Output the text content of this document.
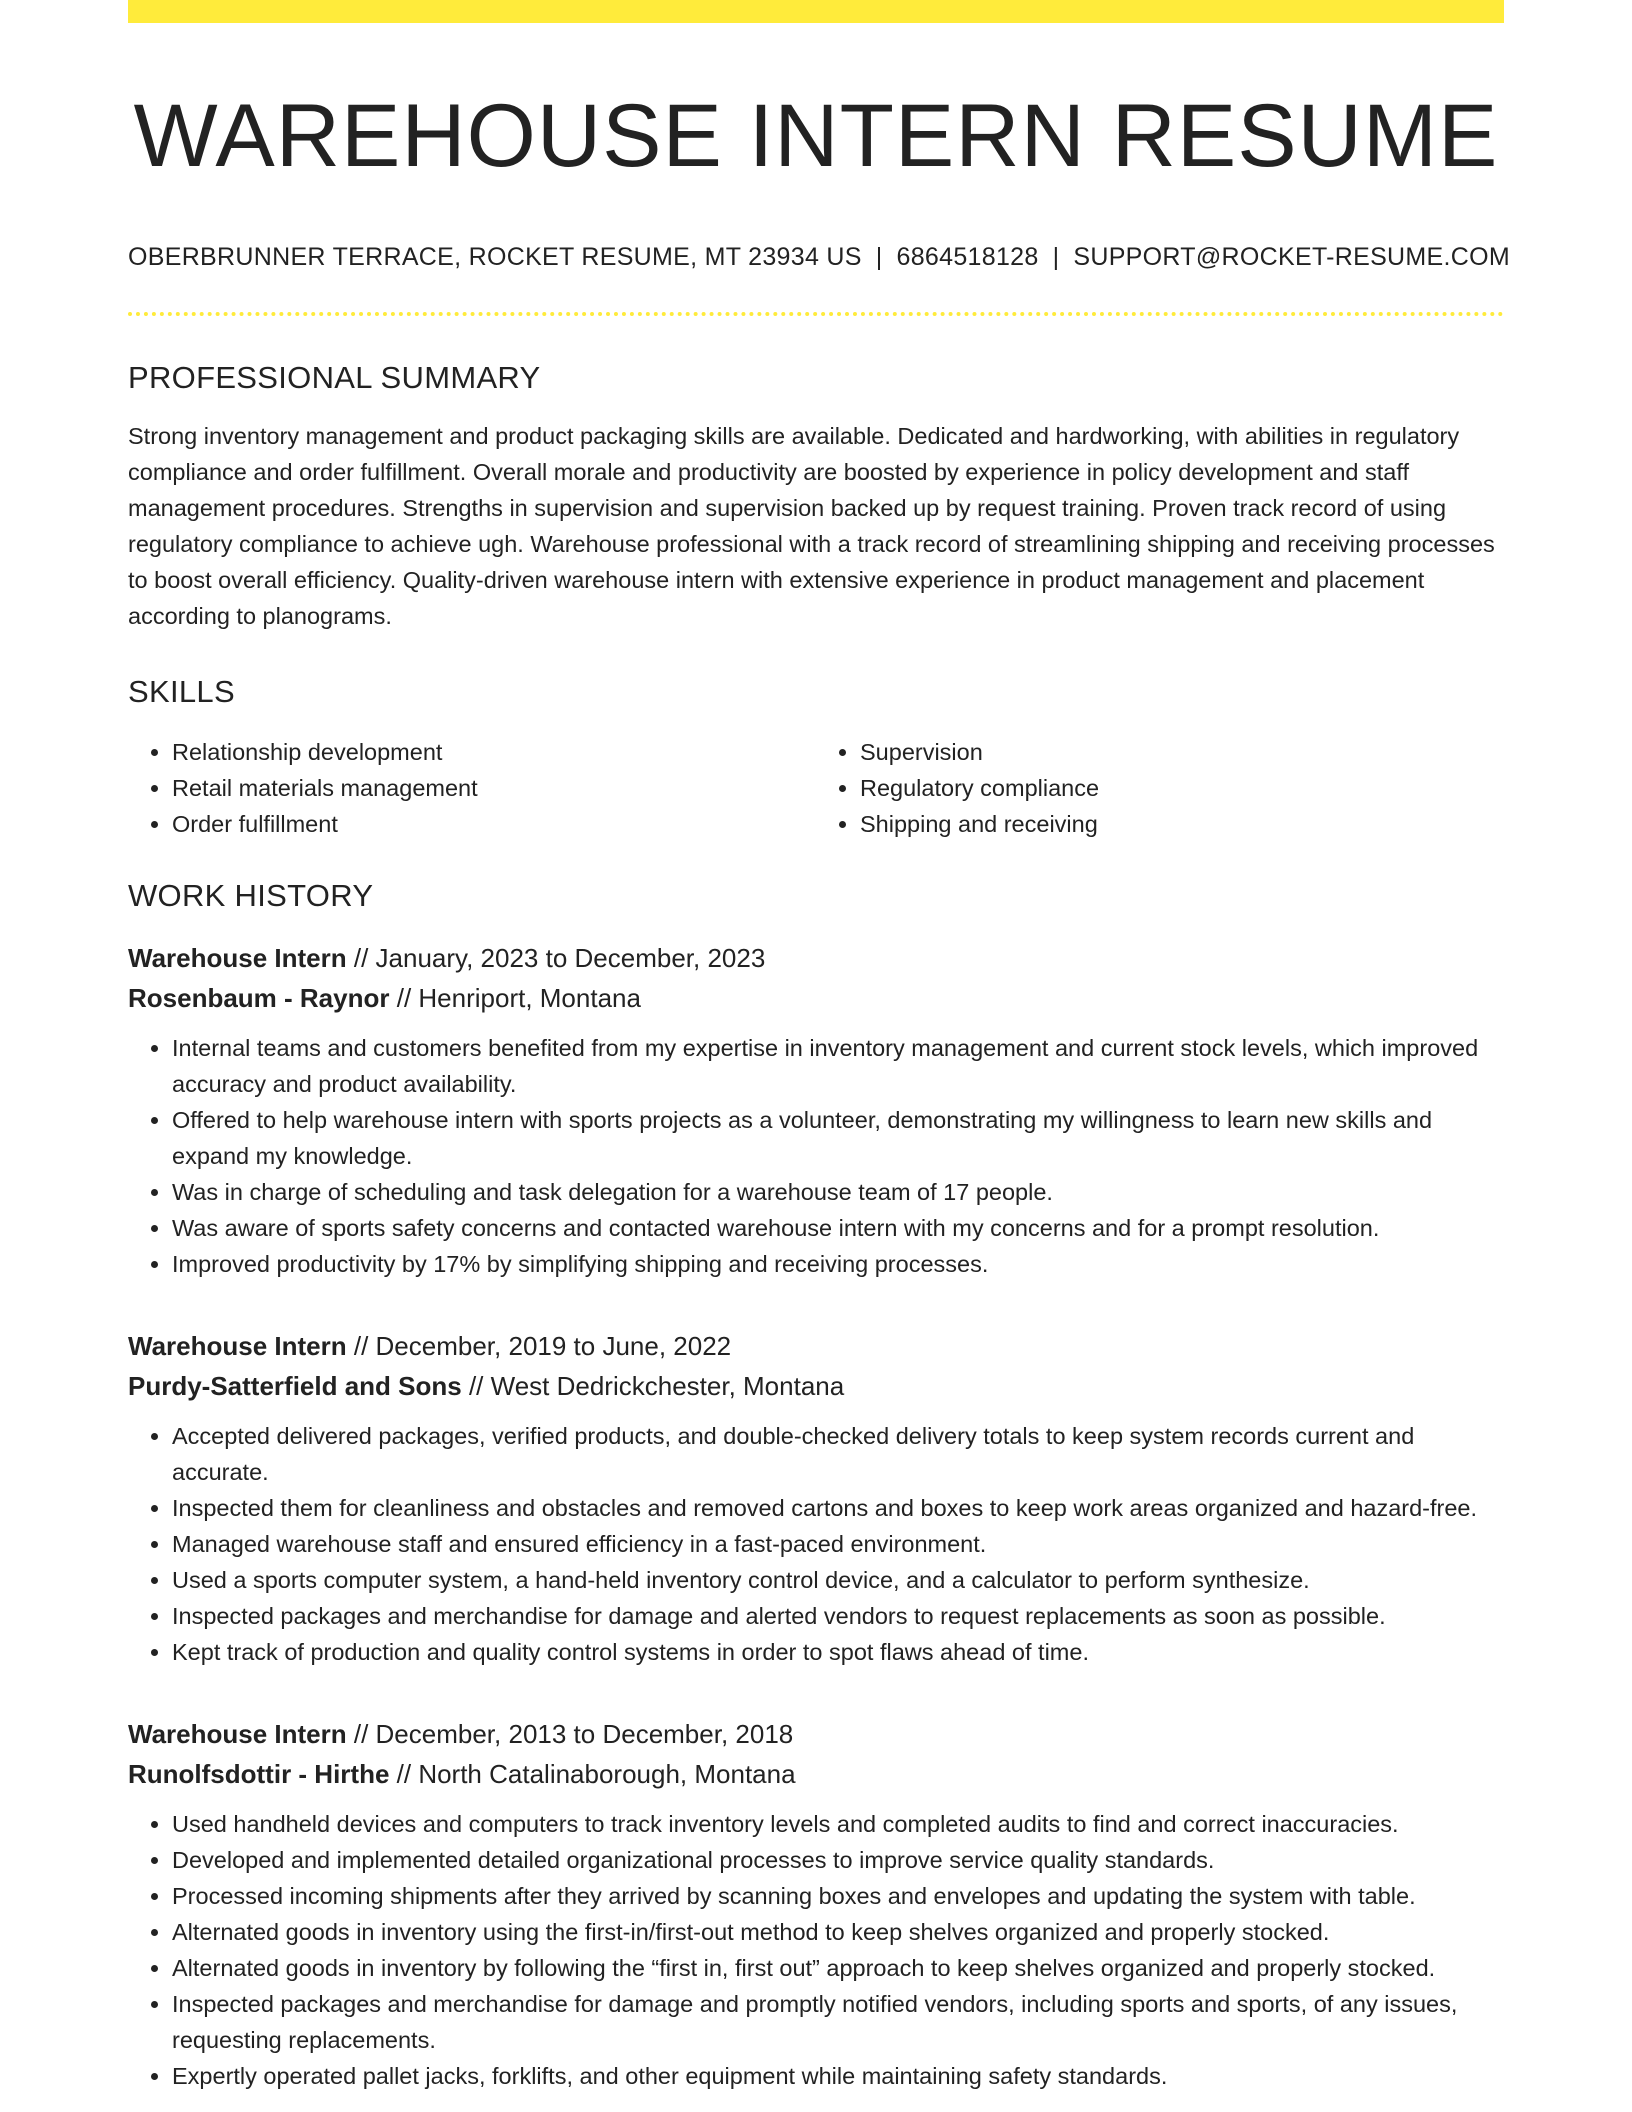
WAREHOUSE INTERN RESUME
OBERBRUNNER TERRACE, ROCKET RESUME, MT 23934 US | 6864518128 | SUPPORT@ROCKET-RESUME.COM
PROFESSIONAL SUMMARY

Strong inventory management and product packaging skills are available. Dedicated and hardworking, with abilities in regulatory compliance and order fulfillment. Overall morale and productivity are boosted by experience in policy development and staff management procedures. Strengths in supervision and supervision backed up by request training. Proven track record of using regulatory compliance to achieve ugh. Warehouse professional with a track record of streamlining shipping and receiving processes to boost overall efficiency. Quality-driven warehouse intern with extensive experience in product management and placement according to planograms.

SKILLS
• Relationship development
• Retail materials management
• Order fulfillment
• Supervision
• Regulatory compliance
• Shipping and receiving
WORK HISTORY
Warehouse Intern // January, 2023 to December, 2023
Rosenbaum - Raynor // Henriport, Montana
• Internal teams and customers benefited from my expertise in inventory management and current stock levels, which improved accuracy and product availability.
• Offered to help warehouse intern with sports projects as a volunteer, demonstrating my willingness to learn new skills and expand my knowledge.
• Was in charge of scheduling and task delegation for a warehouse team of 17 people.
• Was aware of sports safety concerns and contacted warehouse intern with my concerns and for a prompt resolution.
• Improved productivity by 17% by simplifying shipping and receiving processes.
Warehouse Intern // December, 2019 to June, 2022
Purdy-Satterfield and Sons // West Dedrickchester, Montana
• Accepted delivered packages, verified products, and double-checked delivery totals to keep system records current and accurate.
• Inspected them for cleanliness and obstacles and removed cartons and boxes to keep work areas organized and hazard-free.
• Managed warehouse staff and ensured efficiency in a fast-paced environment.
• Used a sports computer system, a hand-held inventory control device, and a calculator to perform synthesize.
• Inspected packages and merchandise for damage and alerted vendors to request replacements as soon as possible.
• Kept track of production and quality control systems in order to spot flaws ahead of time.
Warehouse Intern // December, 2013 to December, 2018
Runolfsdottir - Hirthe // North Catalinaborough, Montana
• Used handheld devices and computers to track inventory levels and completed audits to find and correct inaccuracies.
• Developed and implemented detailed organizational processes to improve service quality standards.
• Processed incoming shipments after they arrived by scanning boxes and envelopes and updating the system with table.
• Alternated goods in inventory using the first-in/first-out method to keep shelves organized and properly stocked.
• Alternated goods in inventory by following the “first in, first out” approach to keep shelves organized and properly stocked.
• Inspected packages and merchandise for damage and promptly notified vendors, including sports and sports, of any issues, requesting replacements.
• Expertly operated pallet jacks, forklifts, and other equipment while maintaining safety standards.
